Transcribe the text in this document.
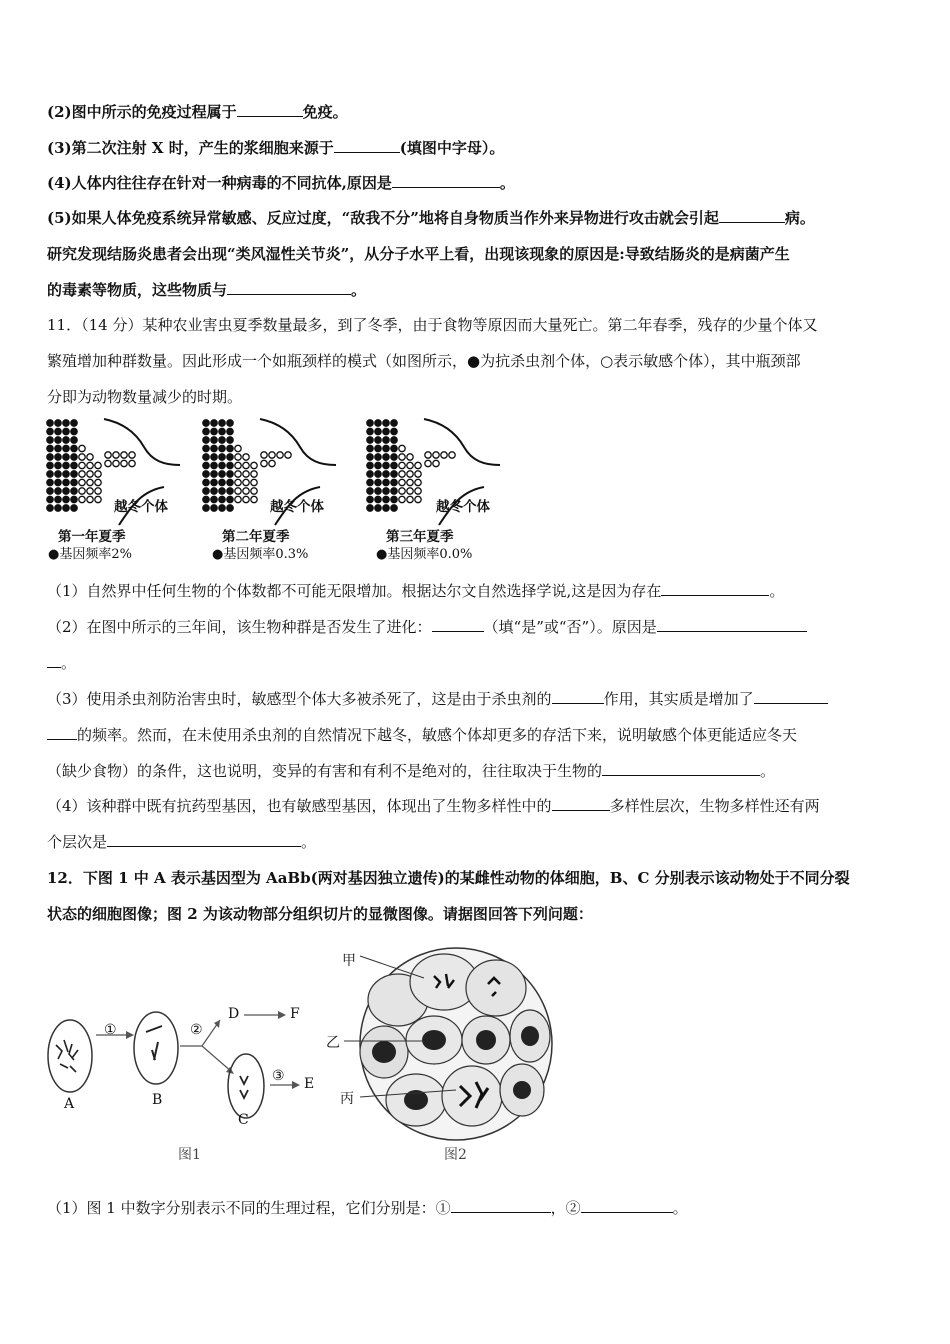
(2)图中所示的免疫过程属于	免疫。
(3)第二次注射 X 时，产生的浆细胞来源于	(填图中字母）。
(4)人体内往往存在针对一种病毒的不同抗体,原因是	。
(5)如果人体免疫系统异常敏感、反应过度，“敌我不分”地将自身物质当作外来异物进行攻击就会引起	病。
研究发现结肠炎患者会出现“类风湿性关节炎”，从分子水平上看，出现该现象的原因是:导致结肠炎的是病菌产生
的毒素等物质，这些物质与	。
11．（14 分）某种农业害虫夏季数量最多，到了冬季，由于食物等原因而大量死亡。第二年春季，残存的少量个体又
繁殖增加种群数量。因此形成一个如瓶颈样的模式（如图所示，●为抗杀虫剂个体，○表示敏感个体），其中瓶颈部
分即为动物数量减少的时期。
越冬个体
第一年夏季
●基因频率2%
越冬个体
第二年夏季
●基因频率0.3%
越冬个体
第三年夏季
●基因频率0.0%
（1）自然界中任何生物的个体数都不可能无限增加。根据达尔文自然选择学说,这是因为存在	。
（2）在图中所示的三年间，该生物种群是否发生了进化：	（填“是”或“否”）。原因是
。
（3）使用杀虫剂防治害虫时，敏感型个体大多被杀死了，这是由于杀虫剂的	作用，其实质是增加了
的频率。然而，在未使用杀虫剂的自然情况下越冬，敏感个体却更多的存活下来，说明敏感个体更能适应冬天
（缺少食物）的条件，这也说明，变异的有害和有利不是绝对的，往往取决于生物的	。
（4）该种群中既有抗药型基因，也有敏感型基因，体现出了生物多样性中的	多样性层次，生物多样性还有两
个层次是	。
12．下图 1 中 A 表示基因型为 AaBb(两对基因独立遗传)的某雌性动物的体细胞，B、C 分别表示该动物处于不同分裂
状态的细胞图像；图 2 为该动物部分组织切片的显微图像。请据图回答下列问题：
A	B
C
D	F
E
①	②
③
甲
乙
丙
图1	图2
（1）图 1 中数字分别表示不同的生理过程，它们分别是：①	，②	。
